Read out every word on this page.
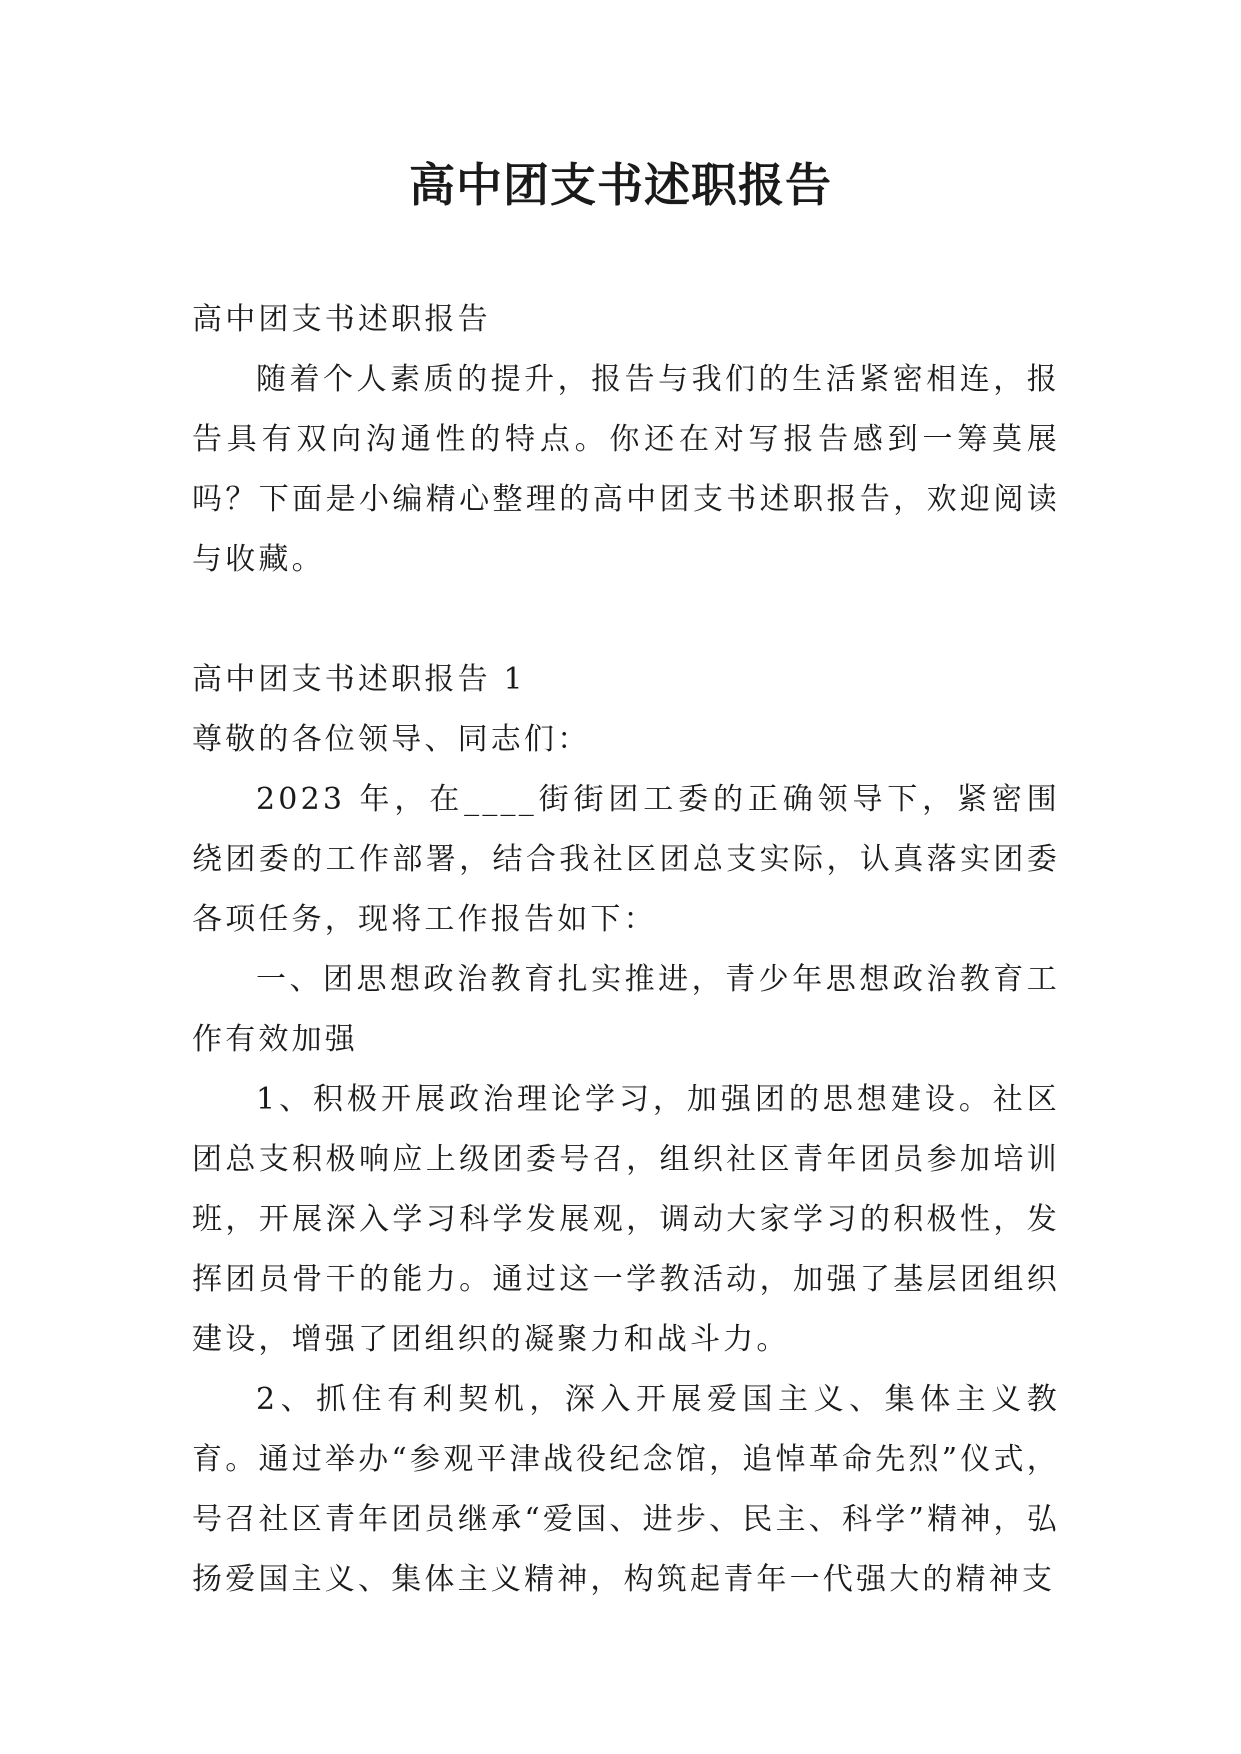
高中团支书述职报告

高中团支书述职报告

随着个人素质的提升，报告与我们的生活紧密相连，报告具有双向沟通性的特点。你还在对写报告感到一筹莫展吗？下面是小编精心整理的高中团支书述职报告，欢迎阅读与收藏。

高中团支书述职报告 1

尊敬的各位领导、同志们：

2023 年，在____街街团工委的正确领导下，紧密围绕团委的工作部署，结合我社区团总支实际，认真落实团委各项任务，现将工作报告如下：

一、团思想政治教育扎实推进，青少年思想政治教育工作有效加强

1、积极开展政治理论学习，加强团的思想建设。社区团总支积极响应上级团委号召，组织社区青年团员参加培训班，开展深入学习科学发展观，调动大家学习的积极性，发挥团员骨干的能力。通过这一学教活动，加强了基层团组织建设，增强了团组织的凝聚力和战斗力。

2、抓住有利契机，深入开展爱国主义、集体主义教育。通过举办“参观平津战役纪念馆，追悼革命先烈”仪式，号召社区青年团员继承“爱国、进步、民主、科学”精神，弘扬爱国主义、集体主义精神，构筑起青年一代强大的精神支
